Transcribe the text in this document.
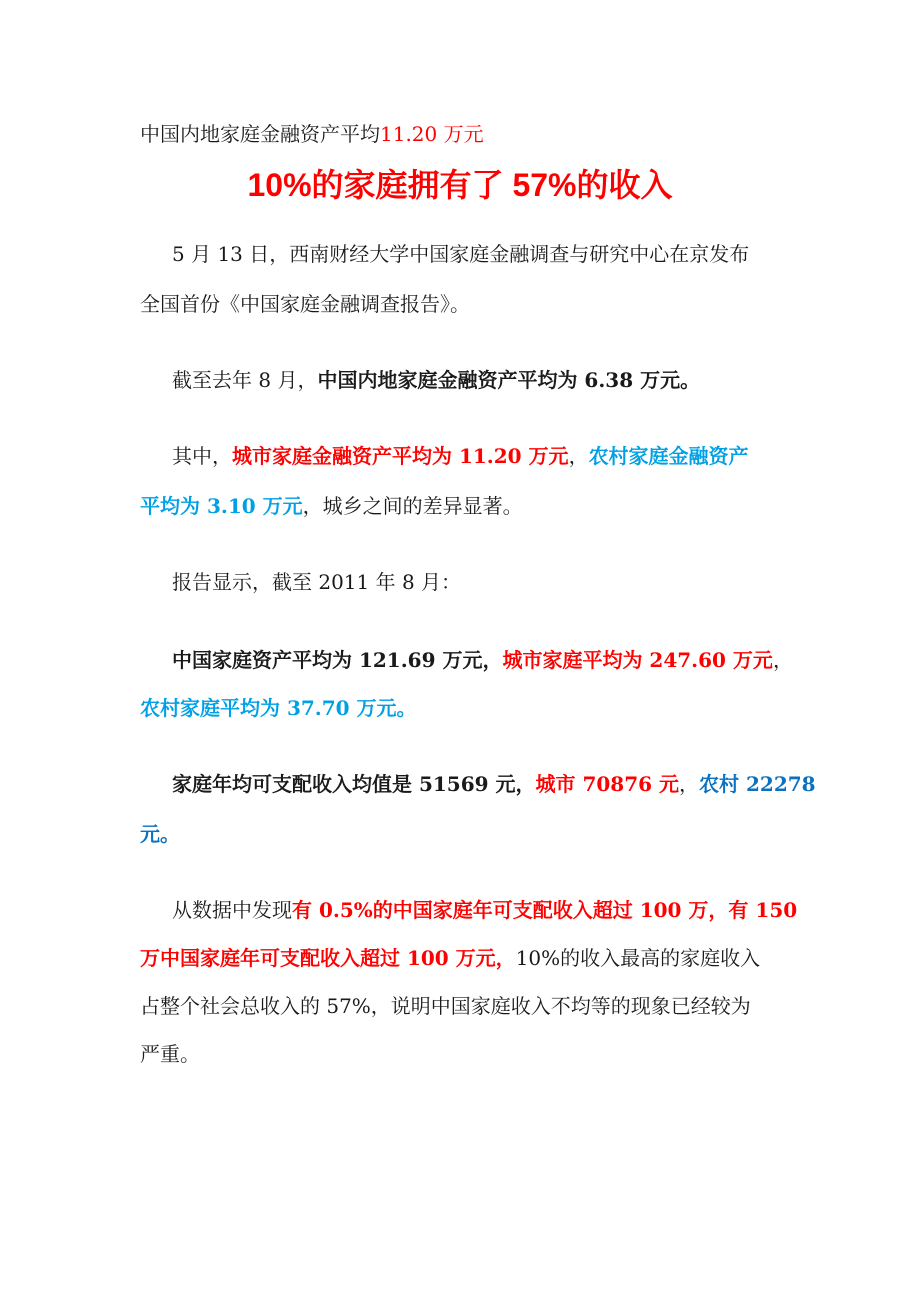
中国内地家庭金融资产平均11.20 万元
10%的家庭拥有了 57%的收入
5 月 13 日，西南财经大学中国家庭金融调查与研究中心在京发布
全国首份《中国家庭金融调查报告》。
截至去年 8 月，中国内地家庭金融资产平均为 6.38 万元。
其中，城市家庭金融资产平均为 11.20 万元，农村家庭金融资产
平均为 3.10 万元，城乡之间的差异显著。
报告显示，截至 2011 年 8 月：
中国家庭资产平均为 121.69 万元，城市家庭平均为 247.60 万元，
农村家庭平均为 37.70 万元。
家庭年均可支配收入均值是 51569 元，城市 70876 元，农村 22278
元。
从数据中发现有 0.5%的中国家庭年可支配收入超过 100 万，有 150
万中国家庭年可支配收入超过 100 万元，10%的收入最高的家庭收入
占整个社会总收入的 57%，说明中国家庭收入不均等的现象已经较为
严重。
